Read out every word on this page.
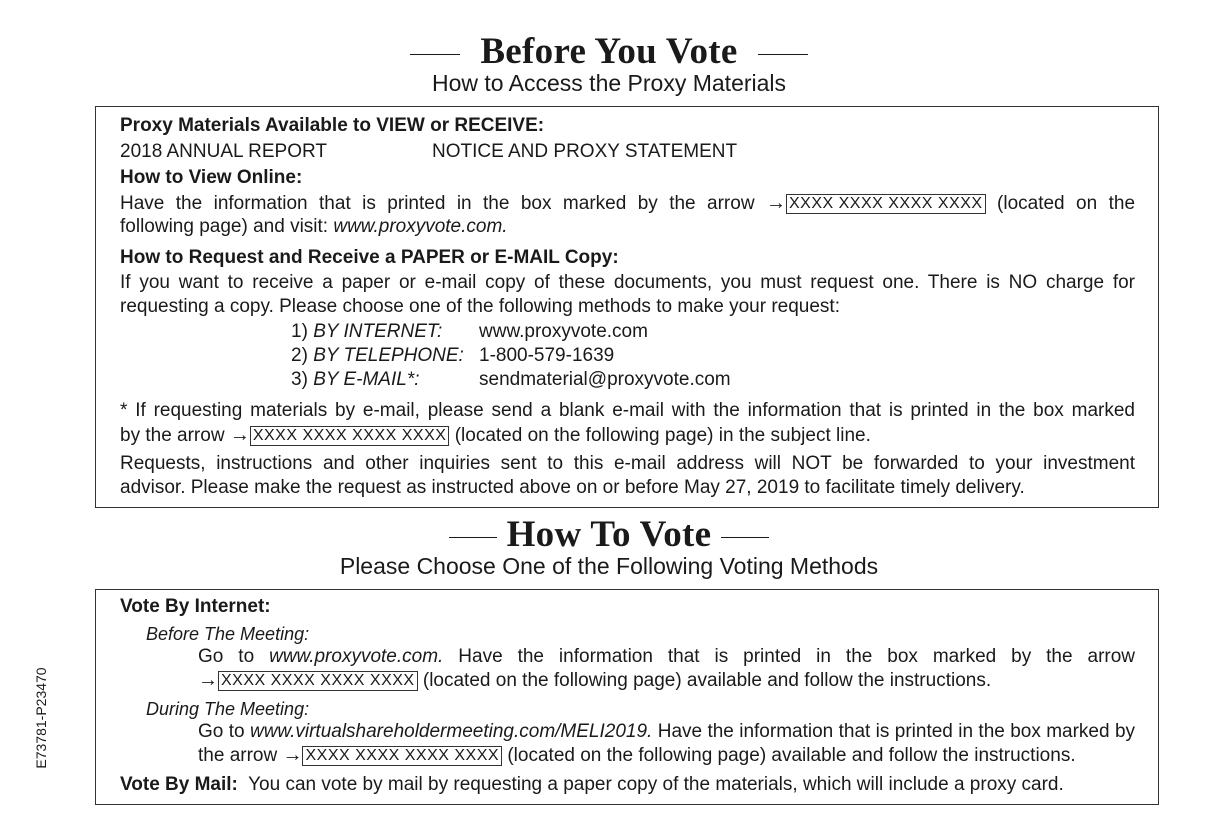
Before You Vote
How to Access the Proxy Materials
Proxy Materials Available to VIEW or RECEIVE:
2018 ANNUAL REPORT	NOTICE AND PROXY STATEMENT
How to View Online:
Have the information that is printed in the box marked by the arrow → XXXX XXXX XXXX XXXX (located on the
following page) and visit: www.proxyvote.com.
How to Request and Receive a PAPER or E-MAIL Copy:
If you want to receive a paper or e-mail copy of these documents, you must request one. There is NO charge for
requesting a copy. Please choose one of the following methods to make your request:
1) BY INTERNET: www.proxyvote.com
2) BY TELEPHONE: 1-800-579-1639
3) BY E-MAIL*:	sendmaterial@proxyvote.com
* If requesting materials by e-mail, please send a blank e-mail with the information that is printed in the box marked
by the arrow → XXXX XXXX XXXX XXXX (located on the following page) in the subject line.
Requests, instructions and other inquiries sent to this e-mail address will NOT be forwarded to your investment
advisor. Please make the request as instructed above on or before May 27, 2019 to facilitate timely delivery.
How To Vote
Please Choose One of the Following Voting Methods
Vote By Internet:
Before The Meeting:
Go to www.proxyvote.com. Have the information that is printed in the box marked by the arrow
→ XXXX XXXX XXXX XXXX (located on the following page) available and follow the instructions.
During The Meeting:
Go to www.virtualshareholdermeeting.com/MELI2019. Have the information that is printed in the box marked by
the arrow → XXXX XXXX XXXX XXXX (located on the following page) available and follow the instructions.
Vote By Mail: You can vote by mail by requesting a paper copy of the materials, which will include a proxy card.
E73781-P23470
